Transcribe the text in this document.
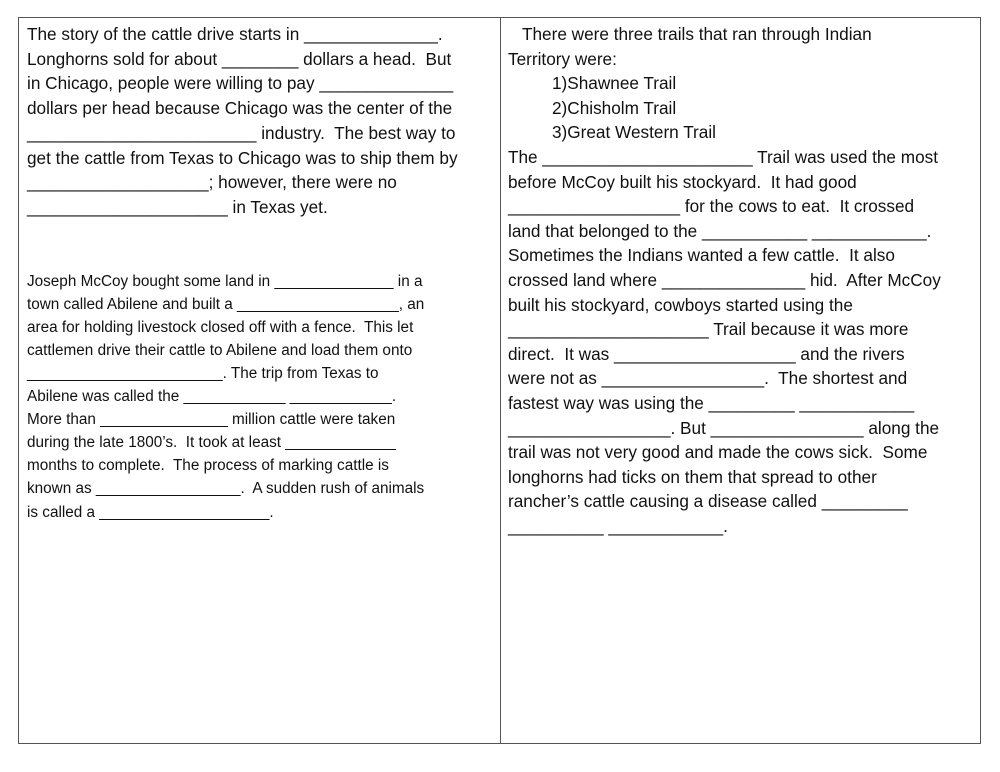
The story of the cattle drive starts in ______________.
Longhorns sold for about ________ dollars a head.  But
in Chicago, people were willing to pay ______________
dollars per head because Chicago was the center of the
________________________ industry.  The best way to
get the cattle from Texas to Chicago was to ship them by
___________________; however, there were no
_____________________ in Texas yet.

Joseph McCoy bought some land in ______________ in a
town called Abilene and built a ___________________, an
area for holding livestock closed off with a fence.  This let
cattlemen drive their cattle to Abilene and load them onto
_______________________. The trip from Texas to
Abilene was called the ____________ ____________.
More than _______________ million cattle were taken
during the late 1800’s.  It took at least _____________
months to complete.  The process of marking cattle is
known as _________________.  A sudden rush of animals
is called a ____________________.

There were three trails that ran through Indian
Territory were:
1)Shawnee Trail
2)Chisholm Trail
3)Great Western Trail
The ______________________ Trail was used the most
before McCoy built his stockyard.  It had good
__________________ for the cows to eat.  It crossed
land that belonged to the ___________ ____________.
Sometimes the Indians wanted a few cattle.  It also
crossed land where _______________ hid.  After McCoy
built his stockyard, cowboys started using the
_____________________ Trail because it was more
direct.  It was ___________________ and the rivers
were not as _________________.  The shortest and
fastest way was using the _________ ____________
_________________. But ________________ along the
trail was not very good and made the cows sick.  Some
longhorns had ticks on them that spread to other
rancher’s cattle causing a disease called _________
__________ ____________.
